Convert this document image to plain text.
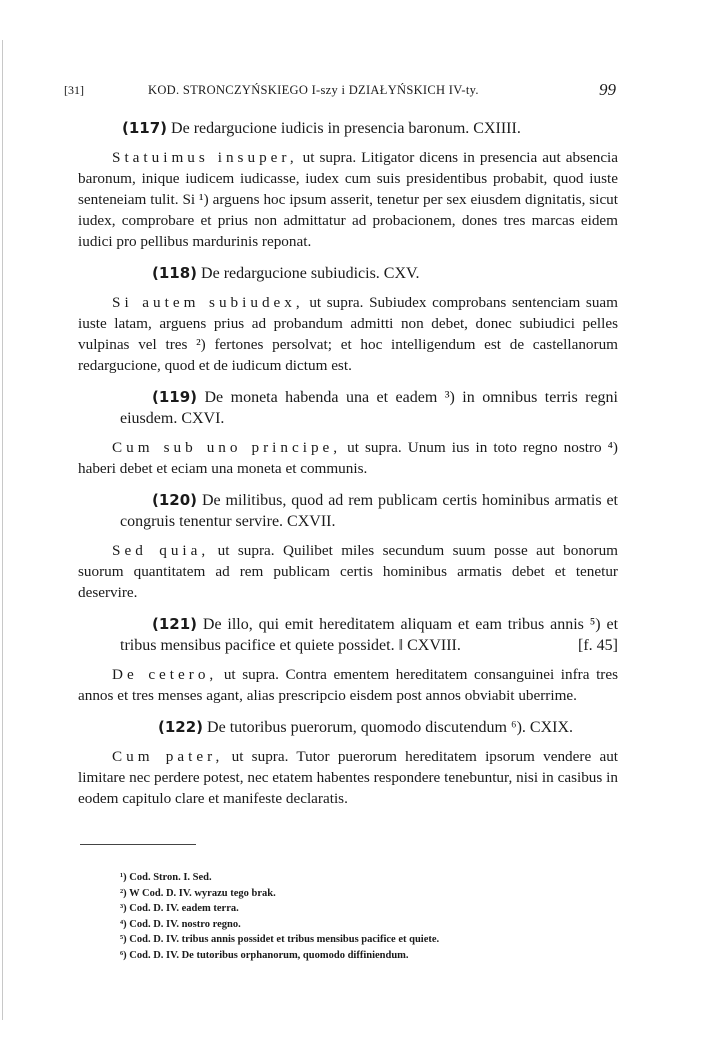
[31]	KOD. STRONCZYŃSKIEGO I-szy i DZIAŁYŃSKICH IV-ty.	99

(117) De redargucione iudicis in presencia baronum. CXIIII.

Statuimus insuper, ut supra. Litigator dicens in presencia aut absencia baronum, inique iudicem iudicasse, iudex cum suis presidentibus probabit, quod iuste senteneiam tulit. Si ¹) arguens hoc ipsum asserit, tenetur per sex eiusdem dignitatis, sicut iudex, comprobare et prius non admittatur ad probacionem, dones tres marcas eidem iudici pro pellibus mardurinis reponat.

(118) De redargucione subiudicis. CXV.

Si autem subiudex, ut supra. Subiudex comprobans sentenciam suam iuste latam, arguens prius ad probandum admitti non debet, donec subiudici pelles vulpinas vel tres ²) fertones persolvat; et hoc intelligendum est de castellanorum redargucione, quod et de iudicum dictum est.

(119) De moneta habenda una et eadem ³) in omnibus terris regni eiusdem. CXVI.

Cum sub uno principe, ut supra. Unum ius in toto regno nostro ⁴) haberi debet et eciam una moneta et communis.

(120) De militibus, quod ad rem publicam certis hominibus armatis et congruis tenentur servire. CXVII.

Sed quia, ut supra. Quilibet miles secundum suum posse aut bonorum suorum quantitatem ad rem publicam certis hominibus armatis debet et tenetur deservire.

(121) De illo, qui emit hereditatem aliquam et eam tribus annis ⁵) et tribus mensibus pacifice et quiete possidet. ‖ CXVIII.	[f. 45]

De cetero, ut supra. Contra ementem hereditatem consanguinei infra tres annos et tres menses agant, alias prescripcio eisdem post annos obviabit uberrime.

(122) De tutoribus puerorum, quomodo discutendum ⁶). CXIX.

Cum pater, ut supra. Tutor puerorum hereditatem ipsorum vendere aut limitare nec perdere potest, nec etatem habentes respondere tenebuntur, nisi in casibus in eodem capitulo clare et manifeste declaratis.

¹) Cod. Stron. I. Sed.
²) W Cod. D. IV. wyrazu tego brak.
³) Cod. D. IV. eadem terra.
⁴) Cod. D. IV. nostro regno.
⁵) Cod. D. IV. tribus annis possidet et tribus mensibus pacifice et quiete.
⁶) Cod. D. IV. De tutoribus orphanorum, quomodo diffiniendum.
